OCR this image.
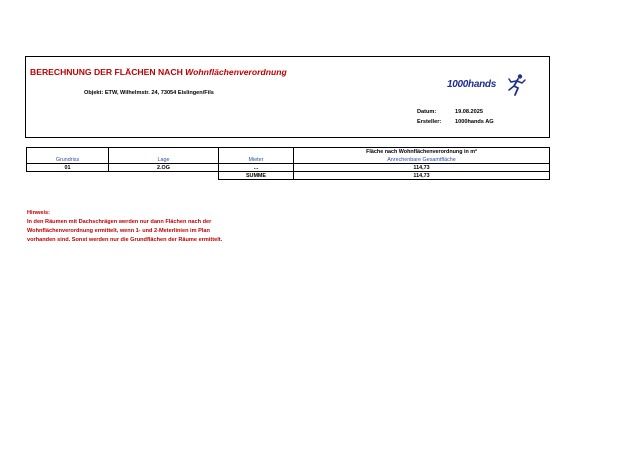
BERECHNUNG DER FLÄCHEN NACH Wohnflächenverordnung
Objekt: ETW, Wilhelmstr. 24, 73054 Eislingen/Fils
1000hands
Datum:	19.08.2025
Ersteller: 1000hands AG
Grundriss	Lage	Mieter	Fläche nach Wohnflächenverordnung in m²
			Anrechenbare Gesamtfläche
01	2.OG	...	114,73
		SUMME	114,73
Hinweis:
In den Räumen mit Dachschrägen werden nur dann Flächen nach der
Wohnflächenverordnung ermittelt, wenn 1- und 2-Meterlinien im Plan
vorhanden sind. Sonst werden nur die Grundflächen der Räume ermittelt.
